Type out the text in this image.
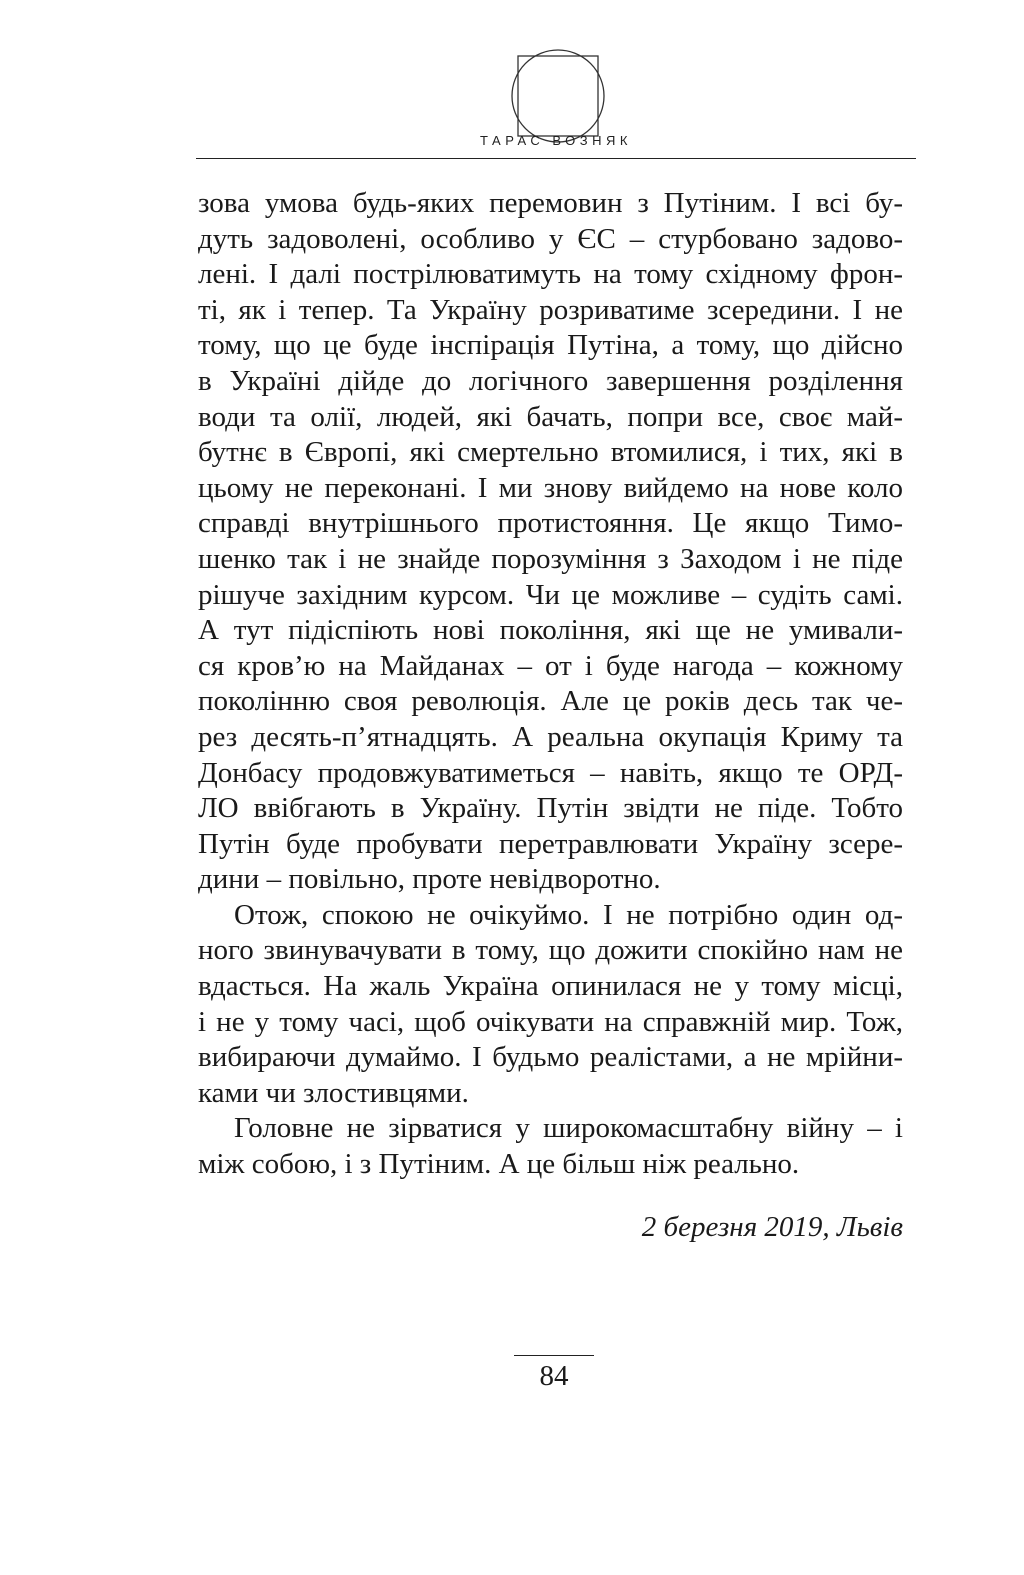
ТАРАС ВОЗНЯК
зова умова будь-яких перемовин з Путіним. І всі бу-
дуть задоволені, особливо у ЄС – стурбовано задово-
лені. І далі пострілюватимуть на тому східному фрон-
ті, як і тепер. Та Україну розриватиме зсередини. І не
тому, що це буде інспірація Путіна, а тому, що дійсно
в Україні дійде до логічного завершення розділення
води та олії, людей, які бачать, попри все, своє май-
бутнє в Європі, які смертельно втомилися, і тих, які в
цьому не переконані. І ми знову вийдемо на нове коло
справді внутрішнього протистояння. Це якщо Тимо-
шенко так і не знайде порозуміння з Заходом і не піде
рішуче західним курсом. Чи це можливе – судіть самі.
А тут підіспіють нові покоління, які ще не умивали-
ся кров’ю на Майданах – от і буде нагода – кожному
поколінню своя революція. Але це років десь так че-
рез десять-п’ятнадцять. А реальна окупація Криму та
Донбасу продовжуватиметься – навіть, якщо те ОРД-
ЛО ввібгають в Україну. Путін звідти не піде. Тобто
Путін буде пробувати перетравлювати Україну зсере-
дини – повільно, проте невідворотно.
Отож, спокою не очікуймо. І не потрібно один од-
ного звинувачувати в тому, що дожити спокійно нам не
вдасться. На жаль Україна опинилася не у тому місці,
і не у тому часі, щоб очікувати на справжній мир. Тож,
вибираючи думаймо. І будьмо реалістами, а не мрійни-
ками чи злостивцями.
Головне не зірватися у широкомасштабну війну – і
між собою, і з Путіним. А це більш ніж реально.
2 березня 2019, Львів
84
